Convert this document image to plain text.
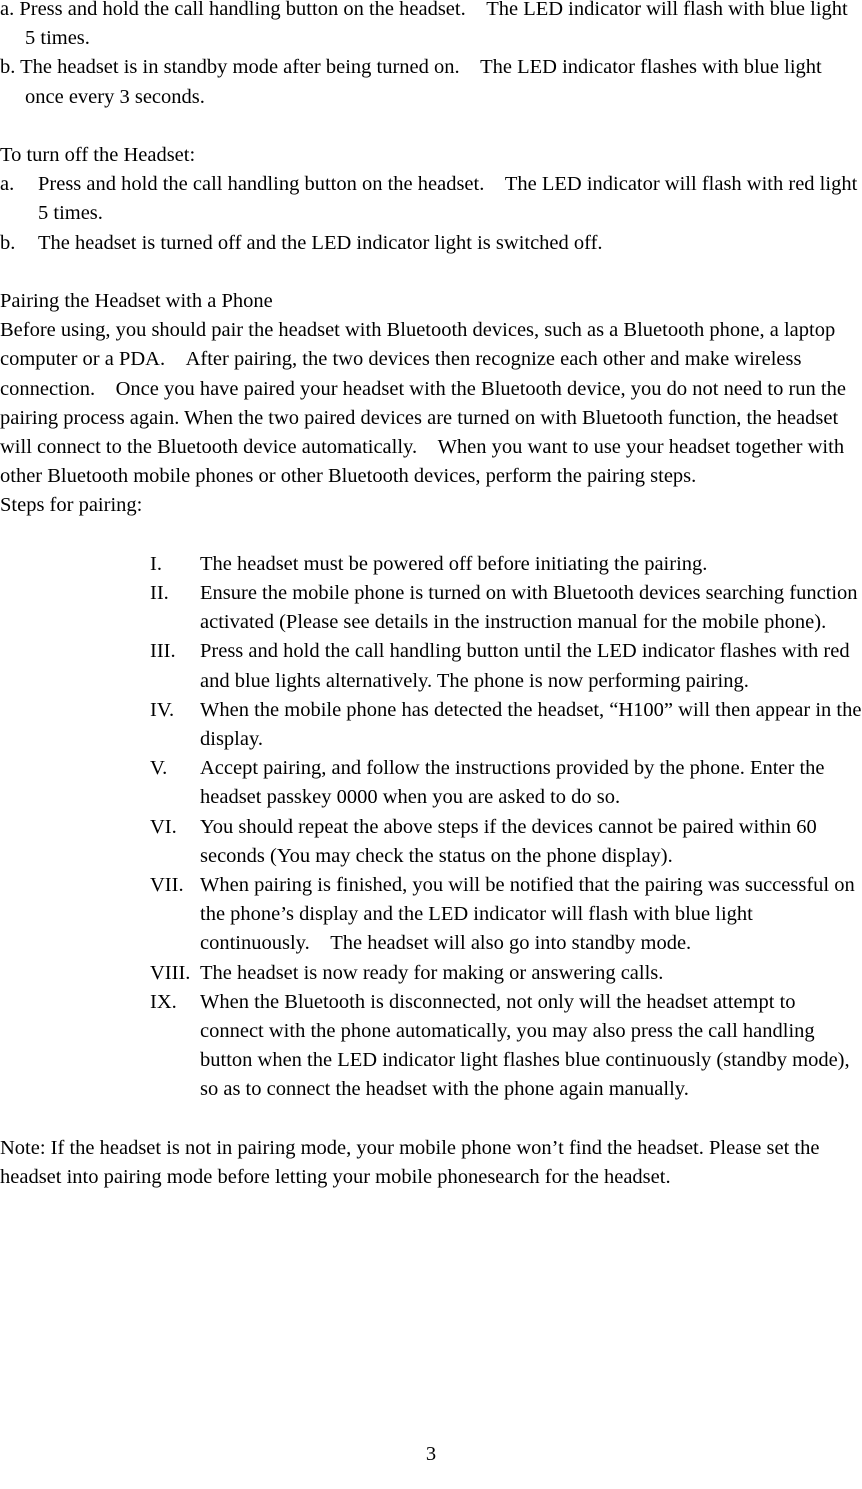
a. Press and hold the call handling button on the headset. The LED indicator will flash with blue light 5 times.

b. The headset is in standby mode after being turned on. The LED indicator flashes with blue light once every 3 seconds.

To turn off the Headset:

a. Press and hold the call handling button on the headset. The LED indicator will flash with red light 5 times.

b. The headset is turned off and the LED indicator light is switched off.

Pairing the Headset with a Phone

Before using, you should pair the headset with Bluetooth devices, such as a Bluetooth phone, a laptop computer or a PDA. After pairing, the two devices then recognize each other and make wireless connection. Once you have paired your headset with the Bluetooth device, you do not need to run the pairing process again. When the two paired devices are turned on with Bluetooth function, the headset will connect to the Bluetooth device automatically. When you want to use your headset together with other Bluetooth mobile phones or other Bluetooth devices, perform the pairing steps.

Steps for pairing:

I. The headset must be powered off before initiating the pairing.
II. Ensure the mobile phone is turned on with Bluetooth devices searching function activated (Please see details in the instruction manual for the mobile phone).
III. Press and hold the call handling button until the LED indicator flashes with red and blue lights alternatively. The phone is now performing pairing.
IV. When the mobile phone has detected the headset, “H100” will then appear in the display.
V. Accept pairing, and follow the instructions provided by the phone. Enter the headset passkey 0000 when you are asked to do so.
VI. You should repeat the above steps if the devices cannot be paired within 60 seconds (You may check the status on the phone display).
VII. When pairing is finished, you will be notified that the pairing was successful on the phone’s display and the LED indicator will flash with blue light continuously. The headset will also go into standby mode.
VIII. The headset is now ready for making or answering calls.
IX. When the Bluetooth is disconnected, not only will the headset attempt to connect with the phone automatically, you may also press the call handling button when the LED indicator light flashes blue continuously (standby mode), so as to connect the headset with the phone again manually.

Note: If the headset is not in pairing mode, your mobile phone won’t find the headset. Please set the headset into pairing mode before letting your mobile phonesearch for the headset.

3
